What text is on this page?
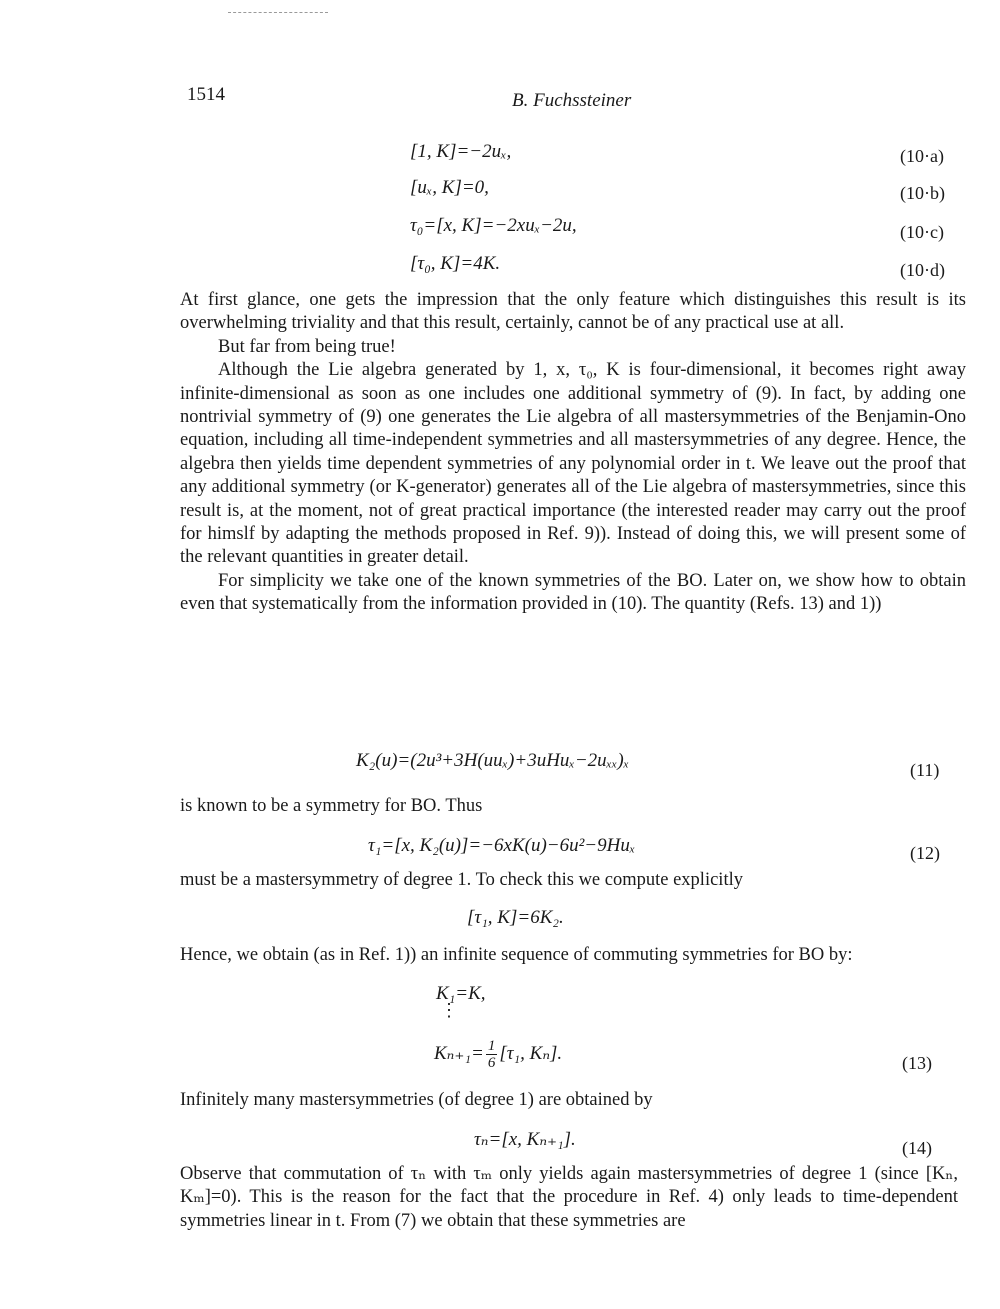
1514	B. Fuchssteiner
[1, K]=−2uₓ,	(10·a)
[uₓ, K]=0,	(10·b)
τ₀=[x, K]=−2xuₓ−2u,	(10·c)
[τ₀, K]=4K.	(10·d)

At first glance, one gets the impression that the only feature which distinguishes this result is its overwhelming triviality and that this result, certainly, cannot be of any practical use at all.

But far from being true!

Although the Lie algebra generated by 1, x, τ₀, K is four-dimensional, it becomes right away infinite-dimensional as soon as one includes one additional symmetry of (9). In fact, by adding one nontrivial symmetry of (9) one generates the Lie algebra of all mastersymmetries of the Benjamin-Ono equation, including all time-independent symmetries and all mastersymmetries of any degree. Hence, the algebra then yields time dependent symmetries of any polynomial order in t. We leave out the proof that any additional symmetry (or K-generator) generates all of the Lie algebra of mastersymmetries, since this result is, at the moment, not of great practical importance (the interested reader may carry out the proof for himslf by adapting the methods proposed in Ref. 9)). Instead of doing this, we will present some of the relevant quantities in greater detail.

For simplicity we take one of the known symmetries of the BO. Later on, we show how to obtain even that systematically from the information provided in (10). The quantity (Refs. 13) and 1))

K₂(u)=(2u³+3H(uuₓ)+3uHuₓ−2uₓₓ)ₓ	(11)

is known to be a symmetry for BO. Thus

τ₁=[x, K₂(u)]=−6xK(u)−6u²−9Huₓ	(12)

must be a mastersymmetry of degree 1. To check this we compute explicitly

[τ₁, K]=6K₂.

Hence, we obtain (as in Ref. 1)) an infinite sequence of commuting symmetries for BO by:

K₁=K,
⋮
$K_{n+1}= \frac{1}{6} [\tau_1$, Kₙ].	(13)

Infinitely many mastersymmetries (of degree 1) are obtained by

τₙ=[x, Kₙ₊₁].	(14)

Observe that commutation of τₙ with τₘ only yields again mastersymmetries of degree 1 (since [Kₙ, Kₘ]=0). This is the reason for the fact that the procedure in Ref. 4) only leads to time-dependent symmetries linear in t. From (7) we obtain that these symmetries are
